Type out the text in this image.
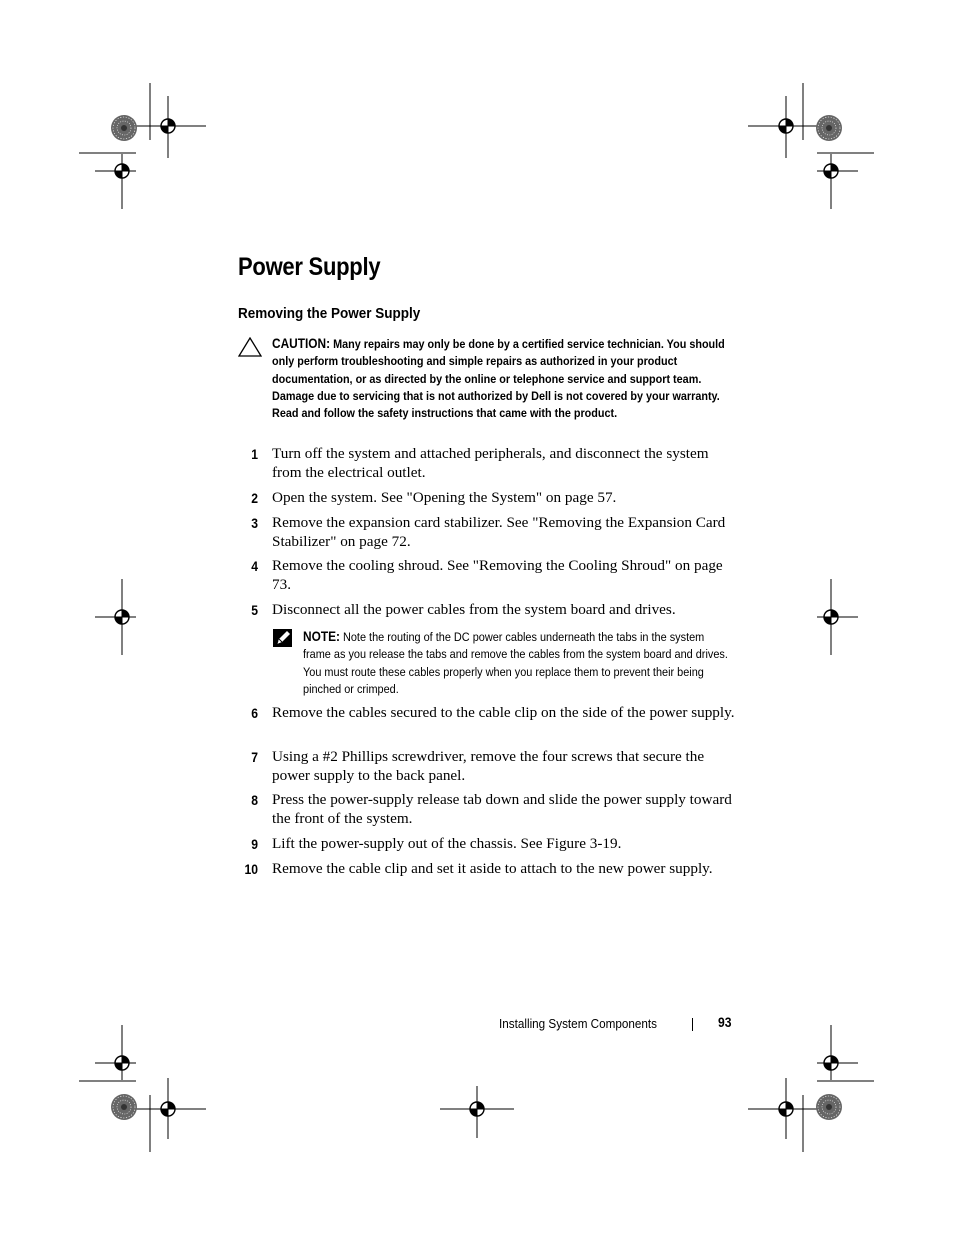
Power Supply
Removing the Power Supply
CAUTION: Many repairs may only be done by a certified service technician. You should only perform troubleshooting and simple repairs as authorized in your product documentation, or as directed by the online or telephone service and support team. Damage due to servicing that is not authorized by Dell is not covered by your warranty. Read and follow the safety instructions that came with the product.
1 Turn off the system and attached peripherals, and disconnect the system from the electrical outlet.
2 Open the system. See "Opening the System" on page 57.
3 Remove the expansion card stabilizer. See "Removing the Expansion Card Stabilizer" on page 72.
4 Remove the cooling shroud. See "Removing the Cooling Shroud" on page 73.
5 Disconnect all the power cables from the system board and drives.
NOTE: Note the routing of the DC power cables underneath the tabs in the system frame as you release the tabs and remove the cables from the system board and drives. You must route these cables properly when you replace them to prevent their being pinched or crimped.
6 Remove the cables secured to the cable clip on the side of the power supply.
7 Using a #2 Phillips screwdriver, remove the four screws that secure the power supply to the back panel.
8 Press the power-supply release tab down and slide the power supply toward the front of the system.
9 Lift the power-supply out of the chassis. See Figure 3-19.
10 Remove the cable clip and set it aside to attach to the new power supply.
Installing System Components	93
